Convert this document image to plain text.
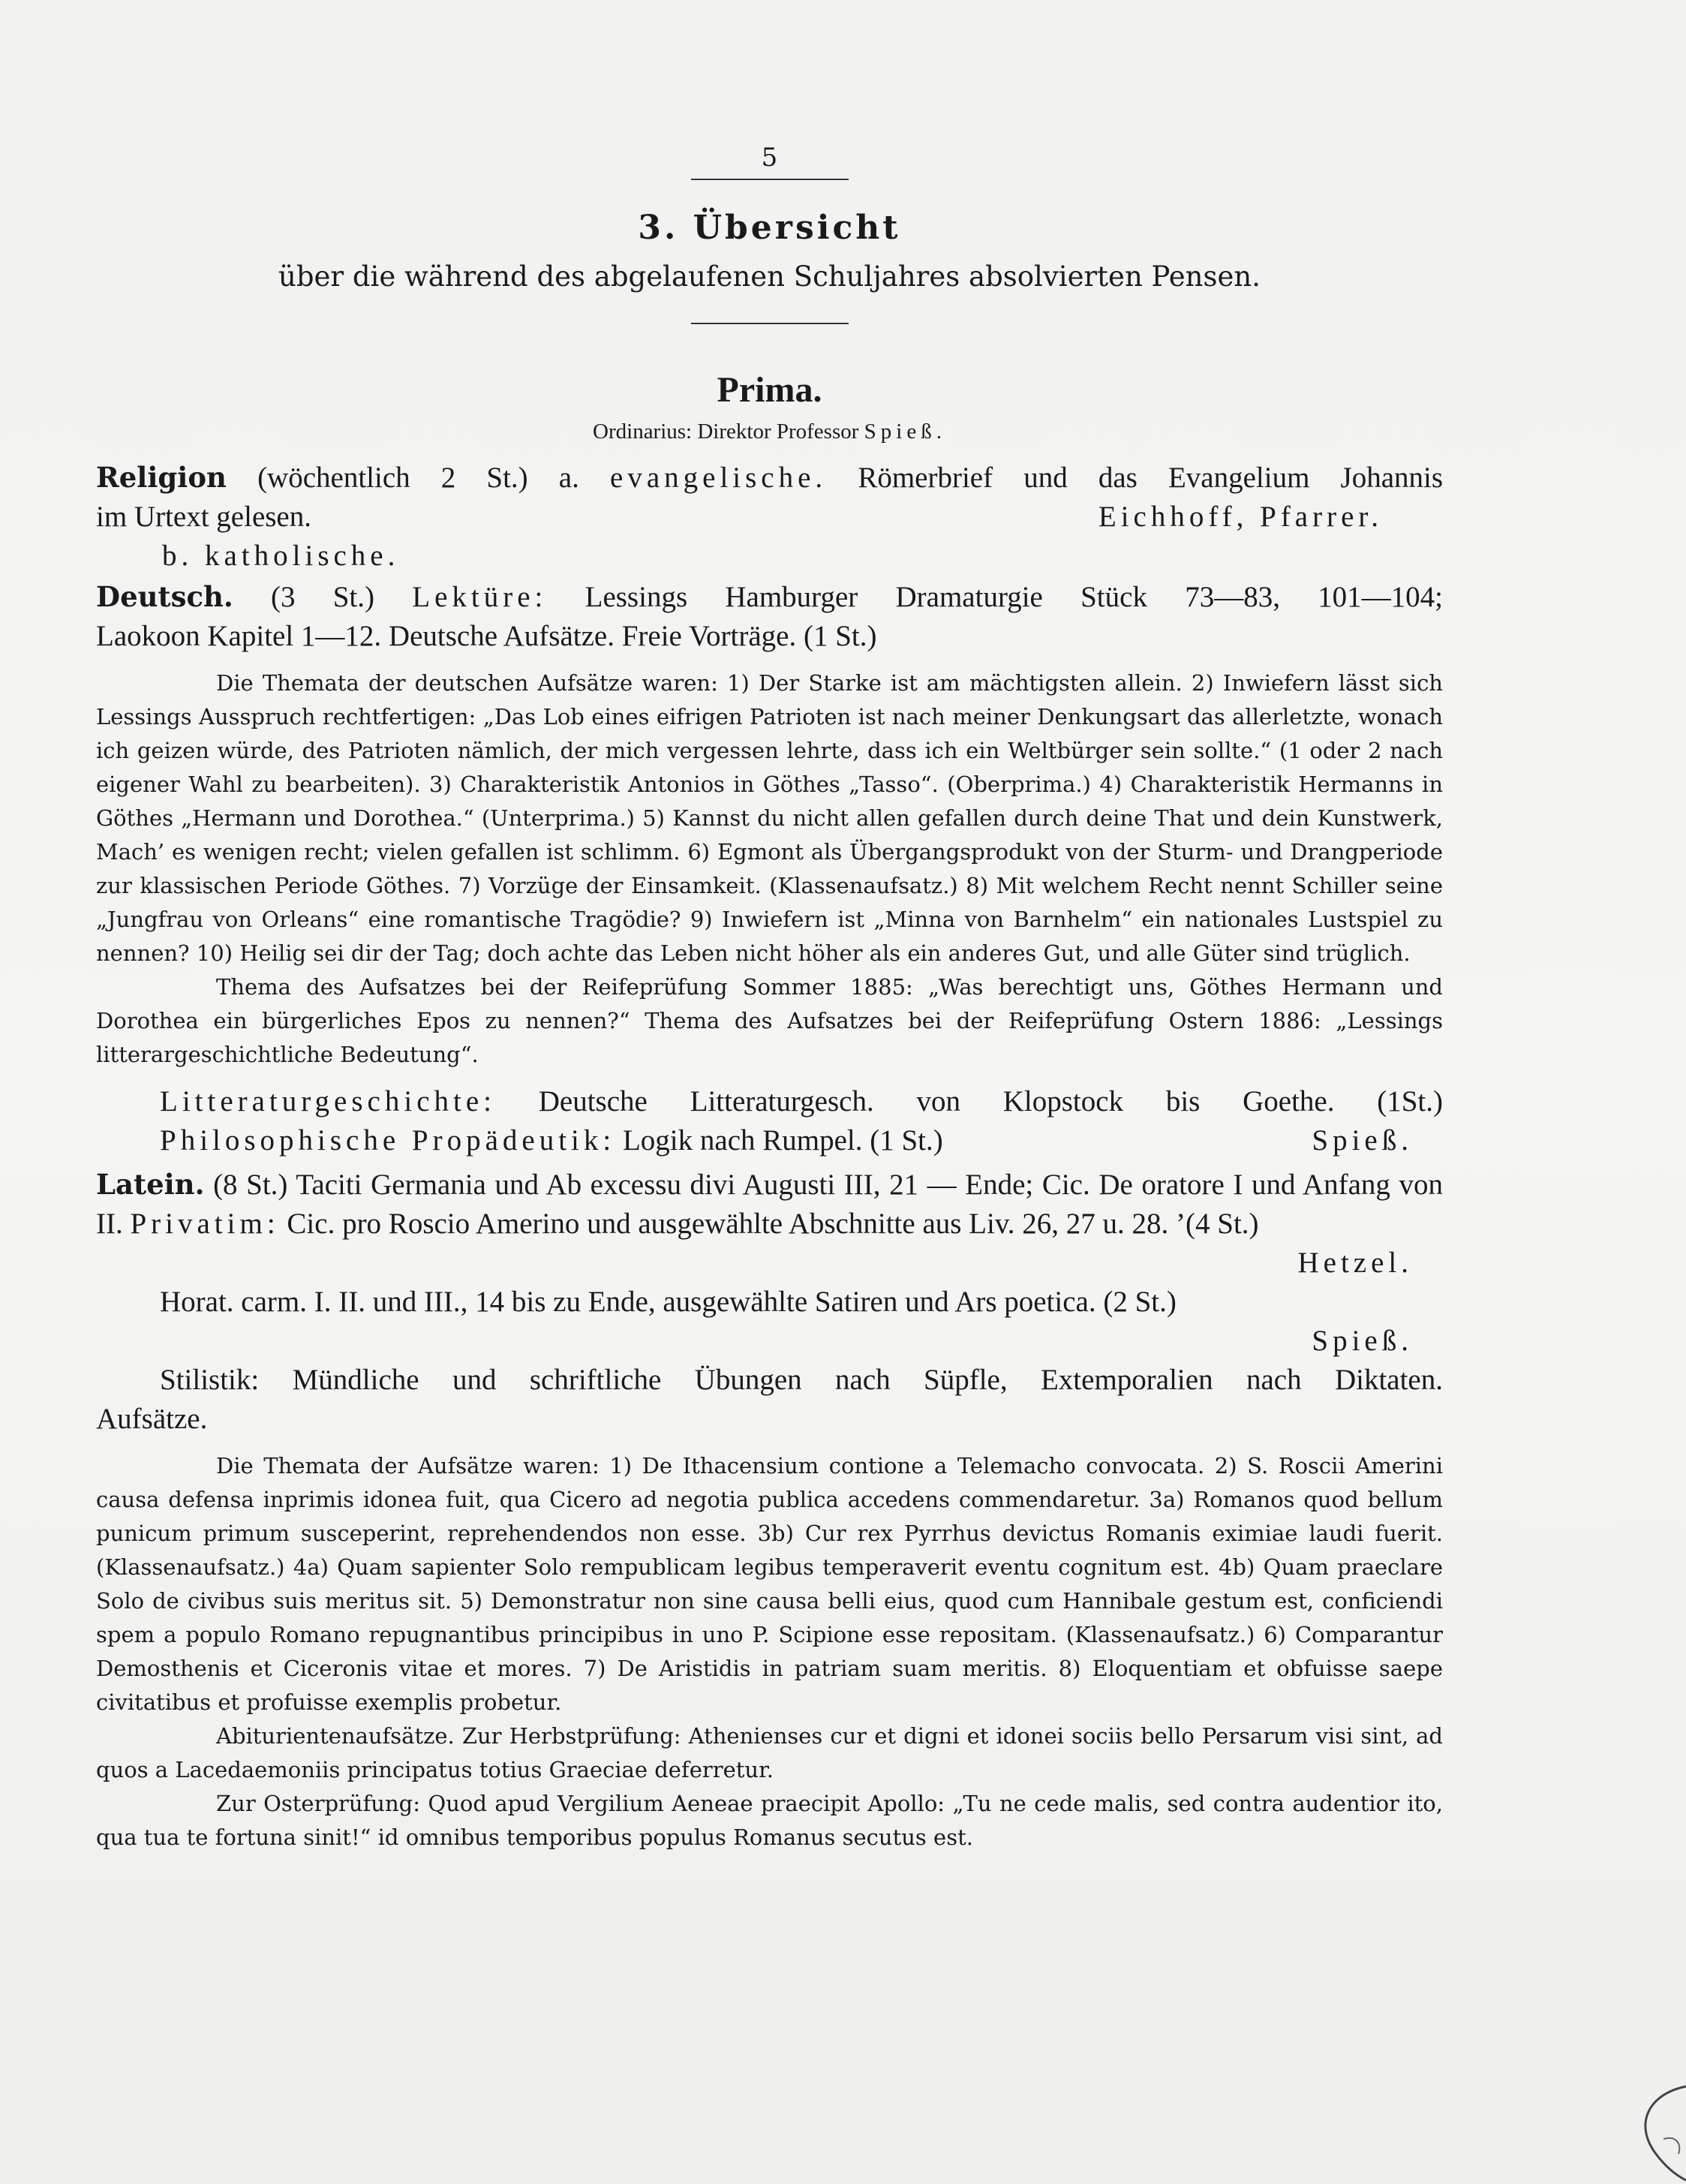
5

3. Übersicht

über die während des abgelaufenen Schuljahres absolvierten Pensen.

Prima.

Ordinarius: Direktor Professor Spieß.

Religion (wöchentlich 2 St.) a. evangelische. Römerbrief und das Evangelium Johannis

im Urtext gelesen.	Eichhoff, Pfarrer.

b. katholische.

Deutsch. (3 St.) Lektüre: Lessings Hamburger Dramaturgie Stück 73—83, 101—104;

Laokoon Kapitel 1—12. Deutsche Aufsätze. Freie Vorträge. (1 St.)

Die Themata der deutschen Aufsätze waren: 1) Der Starke ist am mächtigsten allein. 2) Inwiefern lässt sich Lessings Ausspruch rechtfertigen: „Das Lob eines eifrigen Patrioten ist nach meiner Denkungsart das allerletzte, wonach ich geizen würde, des Patrioten nämlich, der mich vergessen lehrte, dass ich ein Weltbürger sein sollte.“ (1 oder 2 nach eigener Wahl zu bearbeiten). 3) Charakteristik Antonios in Göthes „Tasso“. (Oberprima.) 4) Charakteristik Hermanns in Göthes „Hermann und Dorothea.“ (Unterprima.) 5) Kannst du nicht allen gefallen durch deine That und dein Kunstwerk, Mach’ es wenigen recht; vielen gefallen ist schlimm. 6) Egmont als Übergangsprodukt von der Sturm- und Drangperiode zur klassischen Periode Göthes. 7) Vorzüge der Einsamkeit. (Klassenaufsatz.) 8) Mit welchem Recht nennt Schiller seine „Jungfrau von Orleans“ eine romantische Tragödie? 9) Inwiefern ist „Minna von Barnhelm“ ein nationales Lustspiel zu nennen? 10) Heilig sei dir der Tag; doch achte das Leben nicht höher als ein anderes Gut, und alle Güter sind trüglich.

Thema des Aufsatzes bei der Reifeprüfung Sommer 1885: „Was berechtigt uns, Göthes Hermann und Dorothea ein bürgerliches Epos zu nennen?“ Thema des Aufsatzes bei der Reifeprüfung Ostern 1886: „Lessings litterargeschichtliche Bedeutung“.

Litteraturgeschichte: Deutsche Litteraturgesch. von Klopstock bis Goethe. (1St.)

Philosophische Propädeutik: Logik nach Rumpel. (1 St.)	Spieß.

Latein. (8 St.) Taciti Germania und Ab excessu divi Augusti III, 21 — Ende; Cic. De oratore I und Anfang von II. Privatim: Cic. pro Roscio Amerino und ausgewählte Abschnitte aus Liv. 26, 27 u. 28. ’(4 St.)

Hetzel.

Horat. carm. I. II. und III., 14 bis zu Ende, ausgewählte Satiren und Ars poetica. (2 St.)

Spieß.

Stilistik: Mündliche und schriftliche Übungen nach Süpfle, Extemporalien nach Diktaten.

Aufsätze.

Die Themata der Aufsätze waren: 1) De Ithacensium contione a Telemacho convocata. 2) S. Roscii Amerini causa defensa inprimis idonea fuit, qua Cicero ad negotia publica accedens commendaretur. 3a) Romanos quod bellum punicum primum susceperint, reprehendendos non esse. 3b) Cur rex Pyrrhus devictus Romanis eximiae laudi fuerit. (Klassenaufsatz.) 4a) Quam sapienter Solo rempublicam legibus temperaverit eventu cognitum est. 4b) Quam praeclare Solo de civibus suis meritus sit. 5) Demonstratur non sine causa belli eius, quod cum Hannibale gestum est, conficiendi spem a populo Romano repugnantibus principibus in uno P. Scipione esse repositam. (Klassenaufsatz.) 6) Comparantur Demosthenis et Ciceronis vitae et mores. 7) De Aristidis in patriam suam meritis. 8) Eloquentiam et obfuisse saepe civitatibus et profuisse exemplis probetur.

Abiturientenaufsätze. Zur Herbstprüfung: Athenienses cur et digni et idonei sociis bello Persarum visi sint, ad quos a Lacedaemoniis principatus totius Graeciae deferretur.

Zur Osterprüfung: Quod apud Vergilium Aeneae praecipit Apollo: „Tu ne cede malis, sed contra audentior ito, qua tua te fortuna sinit!“ id omnibus temporibus populus Romanus secutus est.
